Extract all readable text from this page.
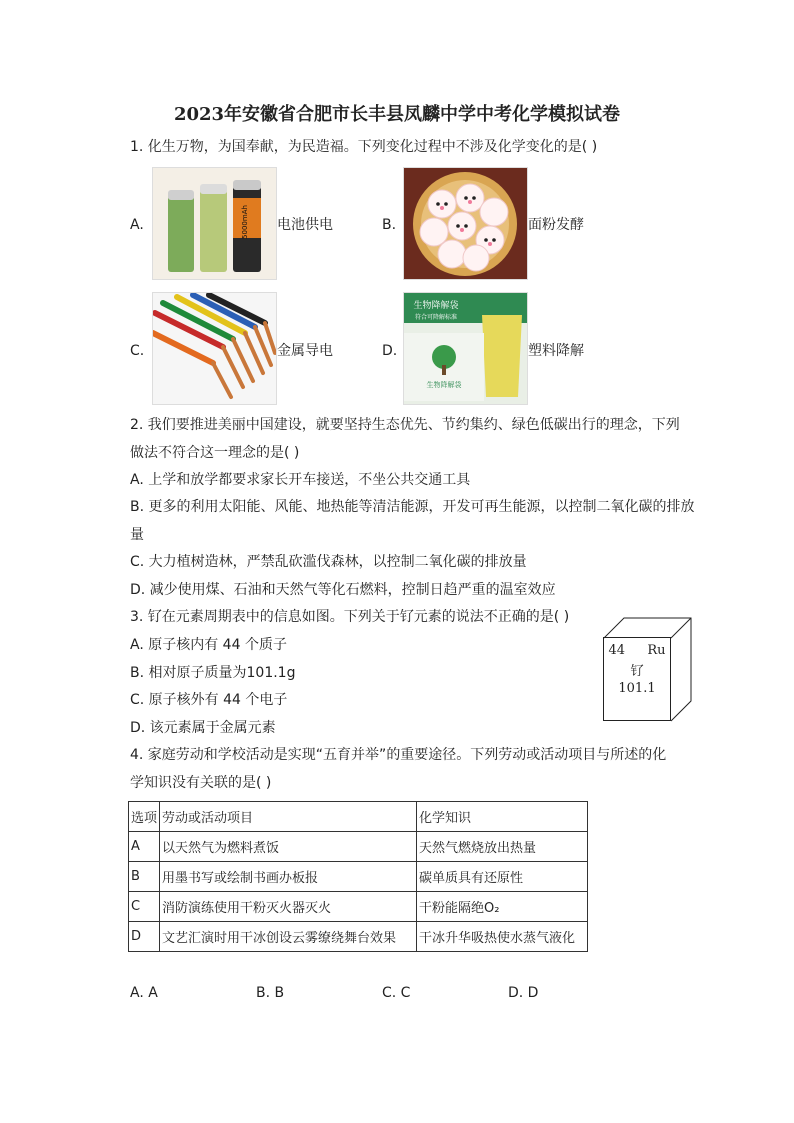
2023年安徽省合肥市长丰县凤麟中学中考化学模拟试卷
1. 化生万物，为国奉献，为民造福。下列变化过程中不涉及化学变化的是( )
A.	5000mAh 电池供电	B.	面粉发酵
C.	金属导电	D.
生物降解袋
符合可降解标准
生物降解袋
塑料降解
2. 我们要推进美丽中国建设，就要坚持生态优先、节约集约、绿色低碳出行的理念，下列
做法不符合这一理念的是( )
A. 上学和放学都要求家长开车接送，不坐公共交通工具
B. 更多的利用太阳能、风能、地热能等清洁能源，开发可再生能源，以控制二氧化碳的排放
量
C. 大力植树造林，严禁乱砍滥伐森林，以控制二氧化碳的排放量
D. 减少使用煤、石油和天然气等化石燃料，控制日趋严重的温室效应
3. 钌在元素周期表中的信息如图。下列关于钌元素的说法不正确的是( )
A. 原子核内有 44 个质子
B. 相对原子质量为101.1g
C. 原子核外有 44 个电子
D. 该元素属于金属元素
44 Ru
钌
101.1
4. 家庭劳动和学校活动是实现“五育并举”的重要途径。下列劳动或活动项目与所述的化
学知识没有关联的是( )
选项	劳动或活动项目	化学知识
A	以天然气为燃料煮饭	天然气燃烧放出热量
B	用墨书写或绘制书画办板报	碳单质具有还原性
C	消防演练使用干粉灭火器灭火	干粉能隔绝O₂
D	文艺汇演时用干冰创设云雾缭绕舞台效果	干冰升华吸热使水蒸气液化
A. A	B. B	C. C	D. D
